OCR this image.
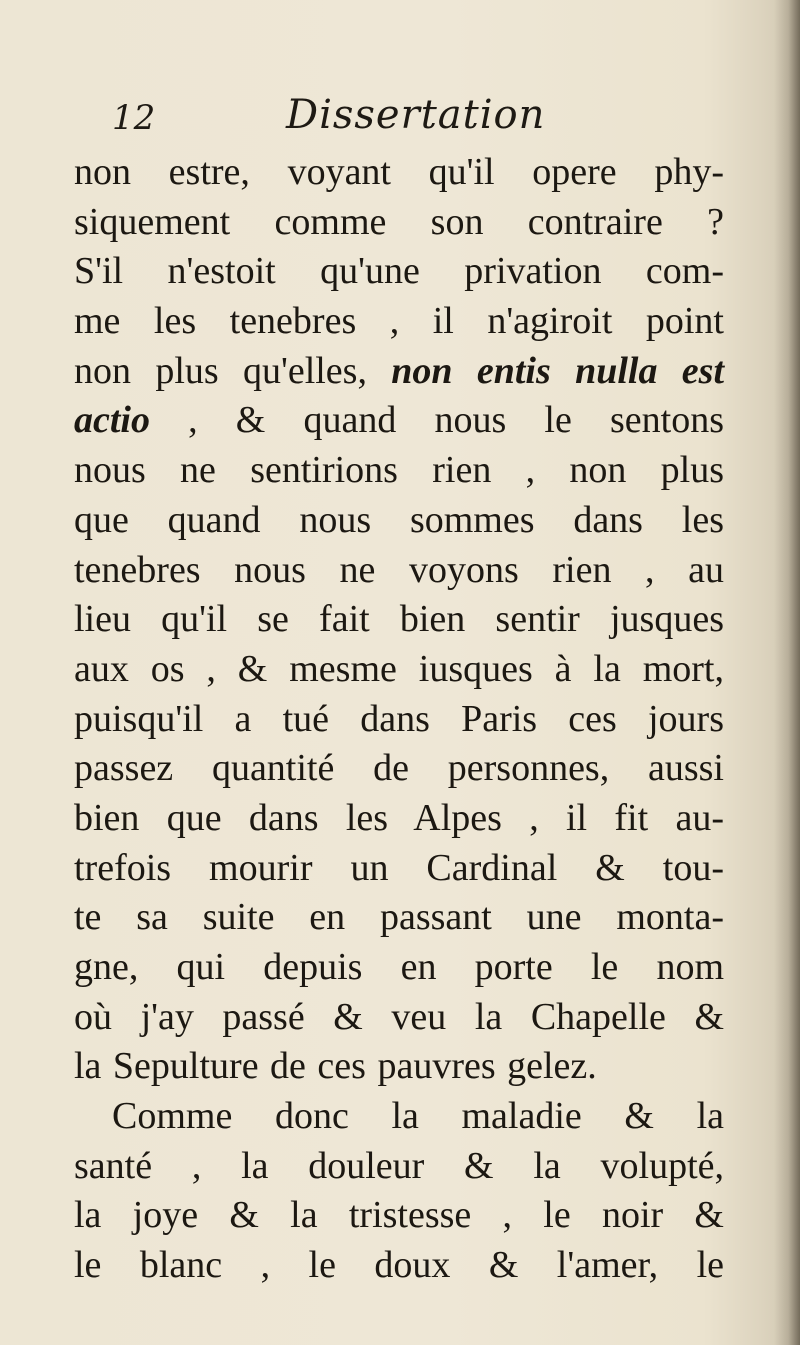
12	Dissertation
non estre, voyant qu'il opere phy-
siquement comme son contraire ?
S'il n'estoit qu'une privation com-
me les tenebres , il n'agiroit point
non plus qu'elles, non entis nulla est
actio , & quand nous le sentons
nous ne sentirions rien , non plus
que quand nous sommes dans les
tenebres nous ne voyons rien , au
lieu qu'il se fait bien sentir jusques
aux os , & mesme iusques à la mort,
puisqu'il a tué dans Paris ces jours
passez quantité de personnes, aussi
bien que dans les Alpes , il fit au-
trefois mourir un Cardinal & tou-
te sa suite en passant une monta-
gne, qui depuis en porte le nom
où j'ay passé & veu la Chapelle &
la Sepulture de ces pauvres gelez.
Comme donc la maladie & la
santé , la douleur & la volupté,
la joye & la tristesse , le noir &
le blanc , le doux & l'amer, le
